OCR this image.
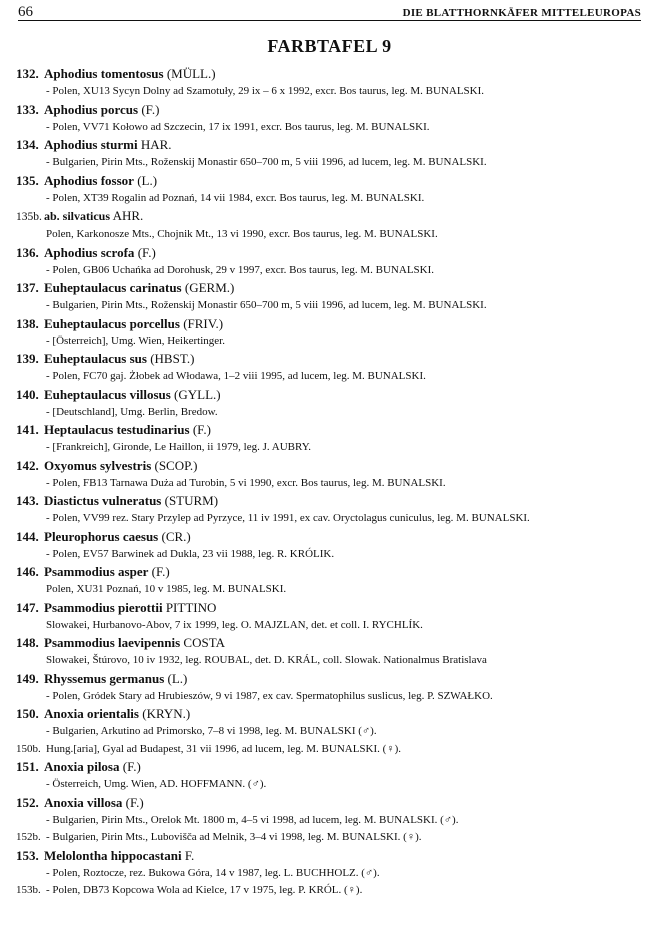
66	DIE BLATTHORNKÄFER MITTELEUROPAS
FARBTAFEL 9
132. Aphodius tomentosus (MÜLL.)
- Polen, XU13 Sycyn Dolny ad Szamotuły, 29 ix – 6 x 1992, excr. Bos taurus, leg. M. BUNALSKI.
133. Aphodius porcus (F.)
- Polen, VV71 Kołowo ad Szczecin, 17 ix 1991, excr. Bos taurus, leg. M. BUNALSKI.
134. Aphodius sturmi HAR.
- Bulgarien, Pirin Mts., Roženskij Monastir 650–700 m, 5 viii 1996, ad lucem, leg. M. BUNALSKI.
135. Aphodius fossor (L.)
- Polen, XT39 Rogalin ad Poznań, 14 vii 1984, excr. Bos taurus, leg. M. BUNALSKI.
135b. ab. silvaticus AHR.
Polen, Karkonosze Mts., Chojnik Mt., 13 vi 1990, excr. Bos taurus, leg. M. BUNALSKI.
136. Aphodius scrofa (F.)
- Polen, GB06 Uchańka ad Dorohusk, 29 v 1997, excr. Bos taurus, leg. M. BUNALSKI.
137. Euheptaulacus carinatus (GERM.)
- Bulgarien, Pirin Mts., Roženskij Monastir 650–700 m, 5 viii 1996, ad lucem, leg. M. BUNALSKI.
138. Euheptaulacus porcellus (FRIV.)
- [Österreich], Umg. Wien, Heikertinger.
139. Euheptaulacus sus (HBST.)
- Polen, FC70 gaj. Żłobek ad Włodawa, 1–2 viii 1995, ad lucem, leg. M. BUNALSKI.
140. Euheptaulacus villosus (GYLL.)
- [Deutschland], Umg. Berlin, Bredow.
141. Heptaulacus testudinarius (F.)
- [Frankreich], Gironde, Le Haillon, ii 1979, leg. J. AUBRY.
142. Oxyomus sylvestris (SCOP.)
- Polen, FB13 Tarnawa Duża ad Turobin, 5 vi 1990, excr. Bos taurus, leg. M. BUNALSKI.
143. Diastictus vulneratus (STURM)
- Polen, VV99 rez. Stary Przylep ad Pyrzyce, 11 iv 1991, ex cav. Oryctolagus cuniculus, leg. M. BUNALSKI.
144. Pleurophorus caesus (CR.)
- Polen, EV57 Barwinek ad Dukla, 23 vii 1988, leg. R. KRÓLIK.
146. Psammodius asper (F.)
Polen, XU31 Poznań, 10 v 1985, leg. M. BUNALSKI.
147. Psammodius pierottii PITTINO
Slowakei, Hurbanovo-Abov, 7 ix 1999, leg. O. MAJZLAN, det. et coll. I. RYCHLÍK.
148. Psammodius laevipennis COSTA
Slowakei, Štúrovo, 10 iv 1932, leg. ROUBAL, det. D. KRÁL, coll. Slowak. Nationalmus Bratislava
149. Rhyssemus germanus (L.)
- Polen, Gródek Stary ad Hrubieszów, 9 vi 1987, ex cav. Spermatophilus suslicus, leg. P. SZWAŁKO.
150. Anoxia orientalis (KRYN.)
- Bulgarien, Arkutino ad Primorsko, 7–8 vi 1998, leg. M. BUNALSKI (♂).
150b. Hung.[aria], Gyal ad Budapest, 31 vii 1996, ad lucem, leg. M. BUNALSKI. (♀).
151. Anoxia pilosa (F.)
- Österreich, Umg. Wien, AD. HOFFMANN. (♂).
152. Anoxia villosa (F.)
- Bulgarien, Pirin Mts., Orelok Mt. 1800 m, 4–5 vi 1998, ad lucem, leg. M. BUNALSKI. (♂).
152b. - Bulgarien, Pirin Mts., Lubovišča ad Melnik, 3–4 vi 1998, leg. M. BUNALSKI. (♀).
153. Melolontha hippocastani F.
- Polen, Roztocze, rez. Bukowa Góra, 14 v 1987, leg. L. BUCHHOLZ. (♂).
153b. - Polen, DB73 Kopcowa Wola ad Kielce, 17 v 1975, leg. P. KRÓL. (♀).
